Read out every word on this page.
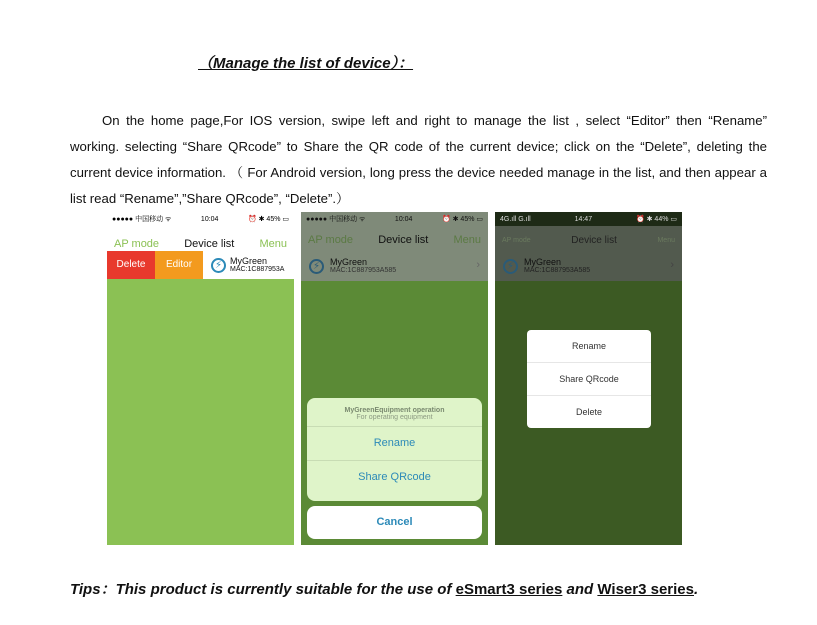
（Manage the list of device）：
On the home page,For IOS version, swipe left and right to manage the list , select “Editor” then “Rename” working. selecting “Share QRcode” to Share the QR code of the current device; click on the “Delete”, deleting the current device information. （ For Android version, long press the device needed manage in the list, and then appear a list read “Rename”,”Share QRcode”, “Delete”.）
●●●●● 中国移动 ᯤ	10:04	⏰ ✱ 45% ▭
AP mode Device list Menu
Delete	Editor	⚡ MyGreen
MAC:1C887953A
●●●●● 中国移动 ᯤ	10:04	⏰ ✱ 45% ▭
AP mode Device list Menu
⚡	MyGreen
MAC:1C887953A585	›
MyGreenEquipment operation
For operating equipment
Rename
Share QRcode
Cancel
4G.ıll G.ıll	14:47	⏰ ✱ 44% ▭
AP mode	Device list	Menu
⚡	MyGreen
MAC:1C887953A585	›
Rename
Share QRcode
Delete
Tips：This product is currently suitable for the use of eSmart3 series and Wiser3 series.
